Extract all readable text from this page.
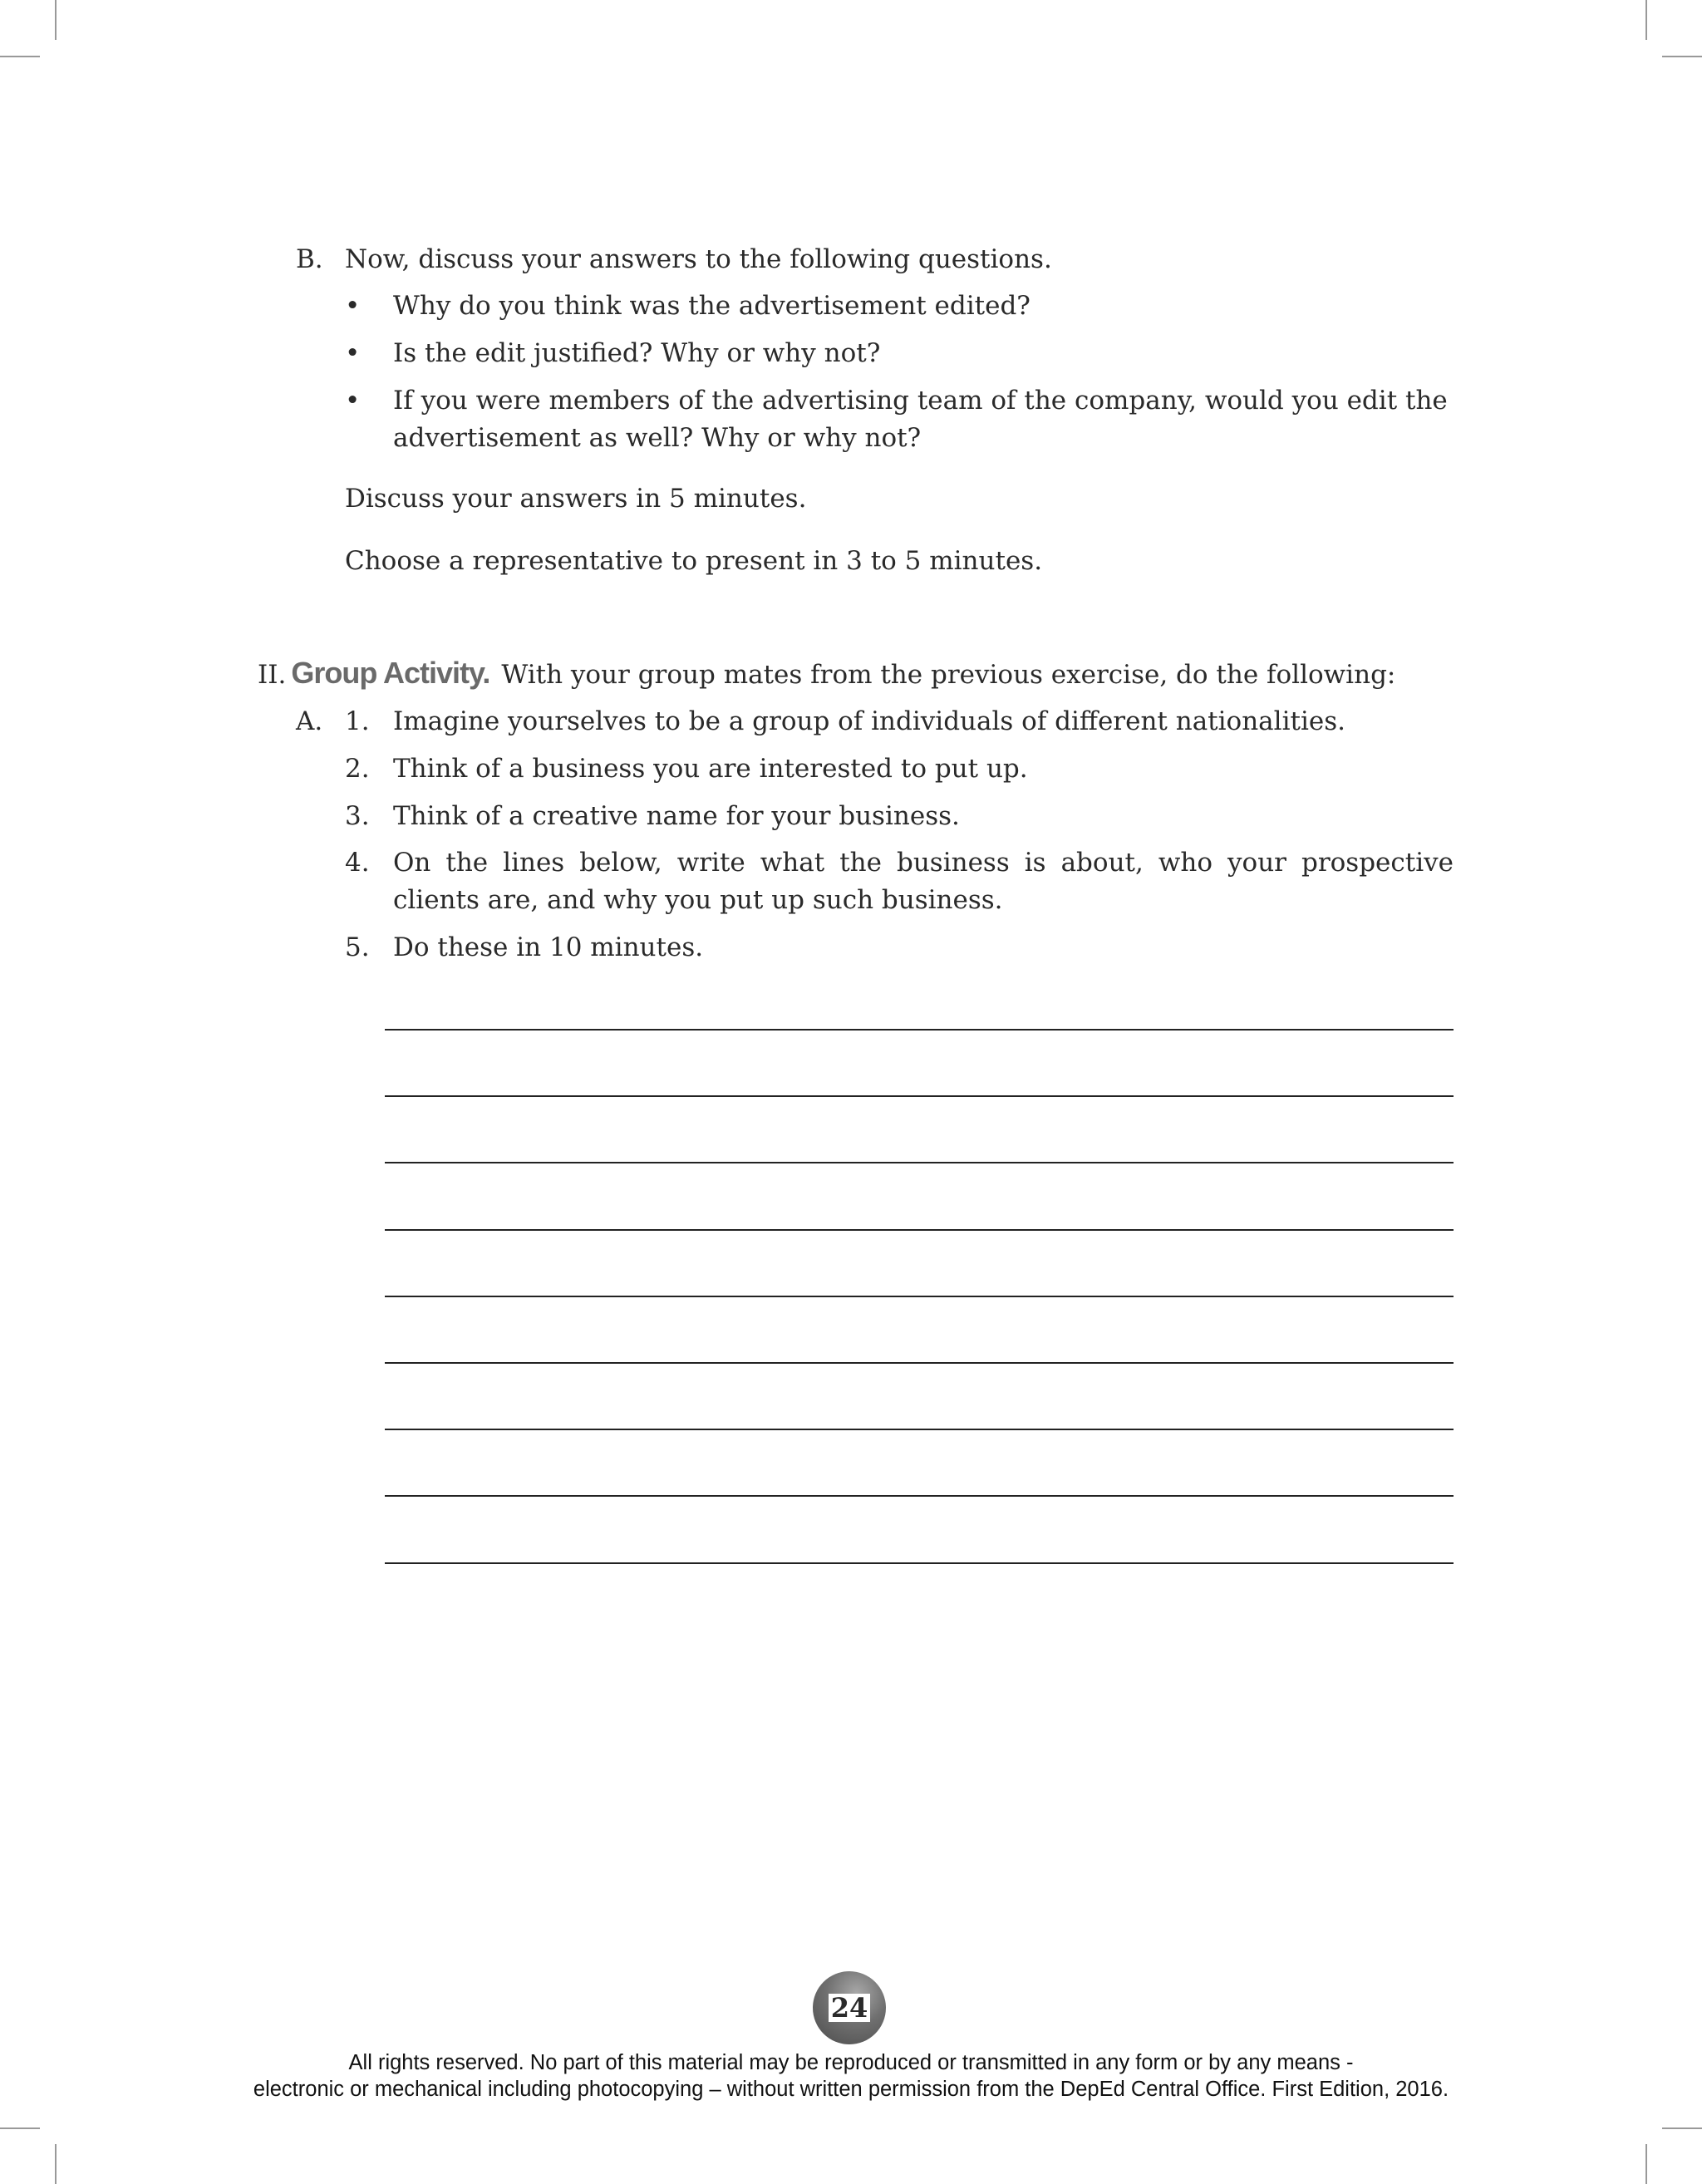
B. Now, discuss your answers to the following questions.
• Why do you think was the advertisement edited?
• Is the edit justified? Why or why not?
• If you were members of the advertising team of the company, would you edit the
advertisement as well? Why or why not?
Discuss your answers in 5 minutes.
Choose a representative to present in 3 to 5 minutes.
II. Group Activity. With your group mates from the previous exercise, do the following:
A. 1. Imagine yourselves to be a group of individuals of different nationalities.
2. Think of a business you are interested to put up.
3. Think of a creative name for your business.
4. On the lines below, write what the business is about, who your prospective clients are, and why you put up such business.
5. Do these in 10 minutes.
24
All rights reserved. No part of this material may be reproduced or transmitted in any form or by any means -
electronic or mechanical including photocopying – without written permission from the DepEd Central Office. First Edition, 2016.
